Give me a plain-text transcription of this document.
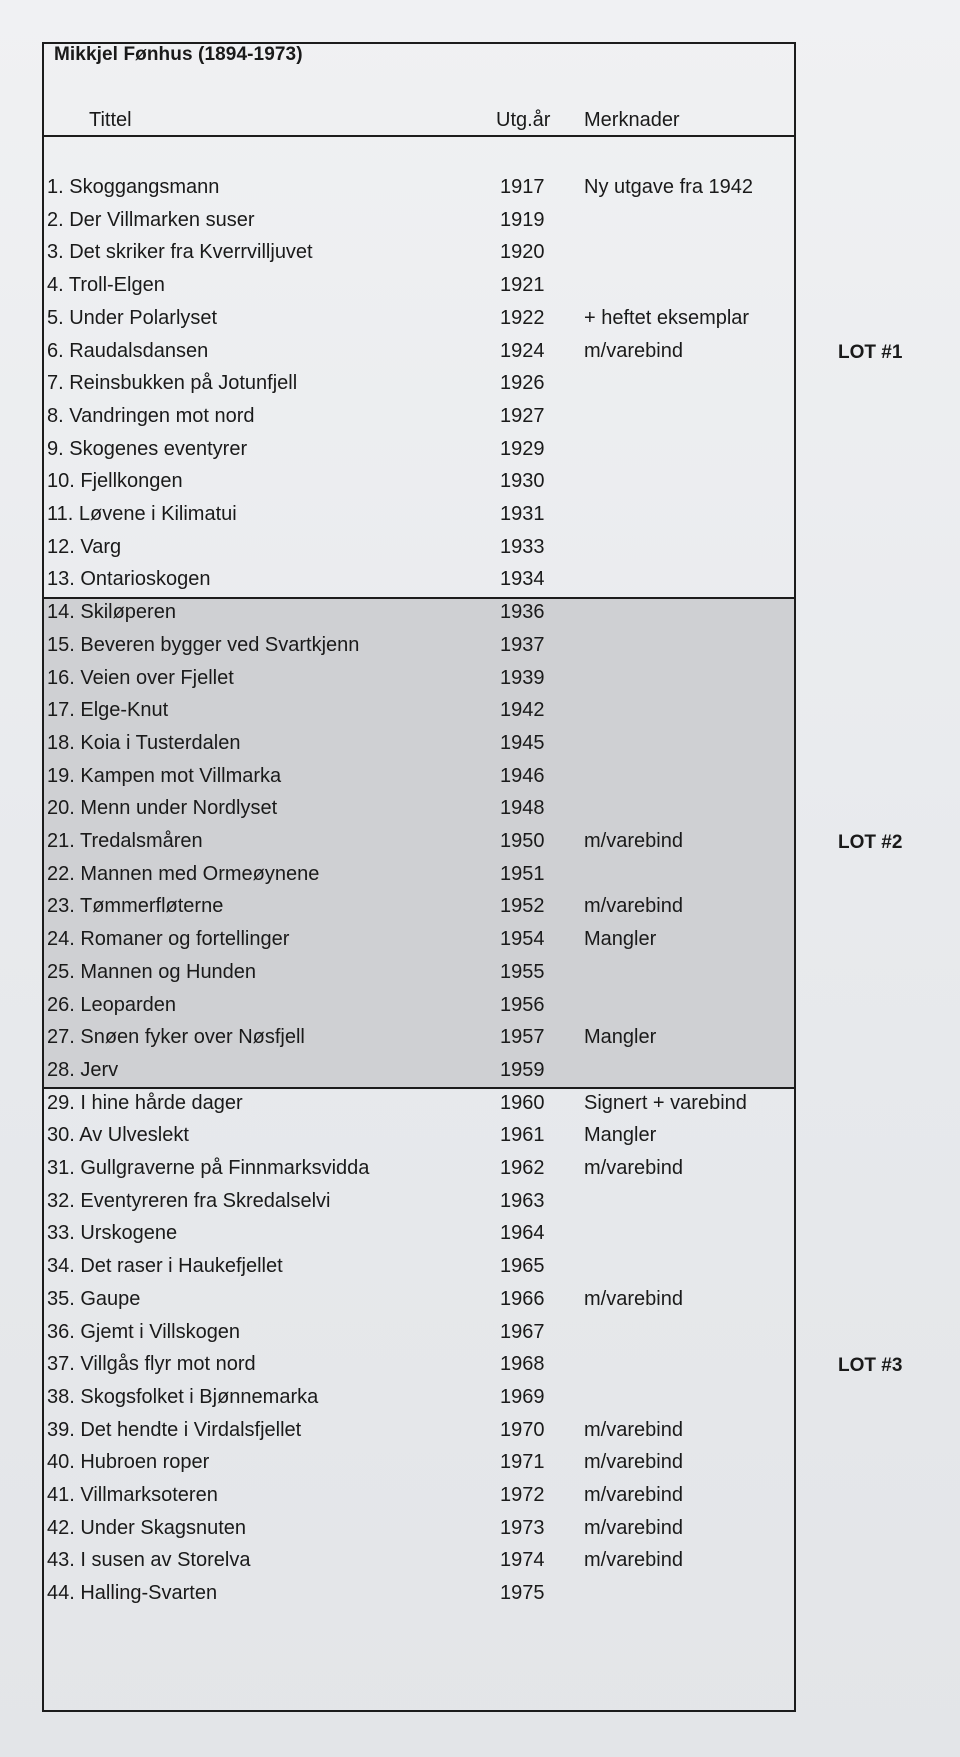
Mikkjel Fønhus (1894-1973)
Tittel	Utg.år Merknader
1. Skoggangsmann	1917 Ny utgave fra 1942
2. Der Villmarken suser	1919
3. Det skriker fra Kverrvilljuvet	1920
4. Troll-Elgen	1921
5. Under Polarlyset	1922 + heftet eksemplar
6. Raudalsdansen	1924 m/varebind
7. Reinsbukken på Jotunfjell	1926
8. Vandringen mot nord	1927
9. Skogenes eventyrer	1929
10. Fjellkongen	1930
11. Løvene i Kilimatui	1931
12. Varg	1933
13. Ontarioskogen	1934
14. Skiløperen	1936
15. Beveren bygger ved Svartkjenn	1937
16. Veien over Fjellet	1939
17. Elge-Knut	1942
18. Koia i Tusterdalen	1945
19. Kampen mot Villmarka	1946
20. Menn under Nordlyset	1948
21. Tredalsmåren	1950 m/varebind
22. Mannen med Ormeøynene	1951
23. Tømmerfløterne	1952 m/varebind
24. Romaner og fortellinger	1954 Mangler
25. Mannen og Hunden	1955
26. Leoparden	1956
27. Snøen fyker over Nøsfjell	1957 Mangler
28. Jerv	1959
29. I hine hårde dager	1960 Signert + varebind
30. Av Ulveslekt	1961 Mangler
31. Gullgraverne på Finnmarksvidda	1962 m/varebind
32. Eventyreren fra Skredalselvi	1963
33. Urskogene	1964
34. Det raser i Haukefjellet	1965
35. Gaupe	1966 m/varebind
36. Gjemt i Villskogen	1967
37. Villgås flyr mot nord	1968
38. Skogsfolket i Bjønnemarka	1969
39. Det hendte i Virdalsfjellet	1970 m/varebind
40. Hubroen roper	1971 m/varebind
41. Villmarksoteren	1972 m/varebind
42. Under Skagsnuten	1973 m/varebind
43. I susen av Storelva	1974 m/varebind
44. Halling-Svarten	1975
LOT #1
LOT #2
LOT #3
